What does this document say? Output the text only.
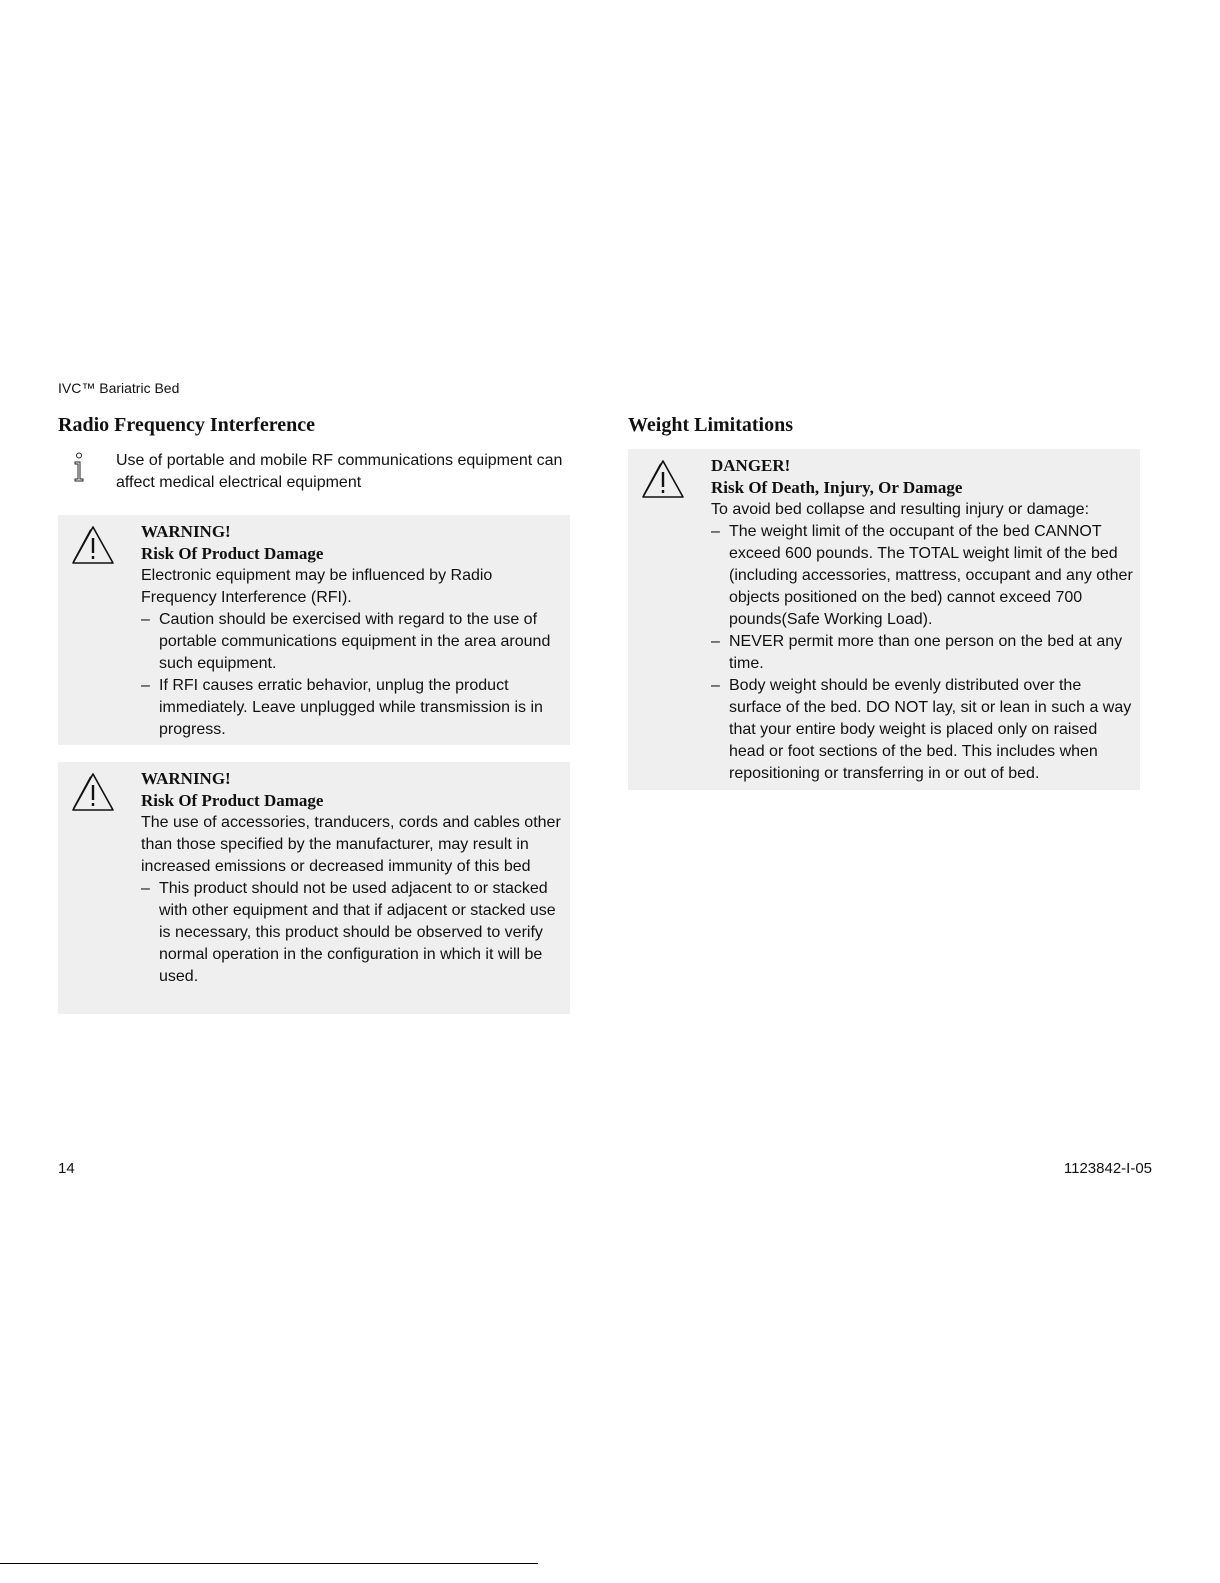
IVC™ Bariatric Bed
Radio Frequency Interference	Weight Limitations
Use of portable and mobile RF communications equipment can affect medical electrical equipment
WARNING!
Risk Of Product Damage
Electronic equipment may be influenced by Radio Frequency Interference (RFI).
– Caution should be exercised with regard to the use of portable communications equipment in the area around such equipment.
– If RFI causes erratic behavior, unplug the product immediately. Leave unplugged while transmission is in progress.
WARNING!
Risk Of Product Damage
The use of accessories, tranducers, cords and cables other than those specified by the manufacturer, may result in increased emissions or decreased immunity of this bed
– This product should not be used adjacent to or stacked with other equipment and that if adjacent or stacked use is necessary, this product should be observed to verify normal operation in the configuration in which it will be used.
DANGER!
Risk Of Death, Injury, Or Damage
To avoid bed collapse and resulting injury or damage:
– The weight limit of the occupant of the bed CANNOT exceed 600 pounds. The TOTAL weight limit of the bed (including accessories, mattress, occupant and any other objects positioned on the bed) cannot exceed 700 pounds(Safe Working Load).
– NEVER permit more than one person on the bed at any time.
– Body weight should be evenly distributed over the surface of the bed. DO NOT lay, sit or lean in such a way that your entire body weight is placed only on raised head or foot sections of the bed. This includes when repositioning or transferring in or out of bed.
14	1123842-I-05
